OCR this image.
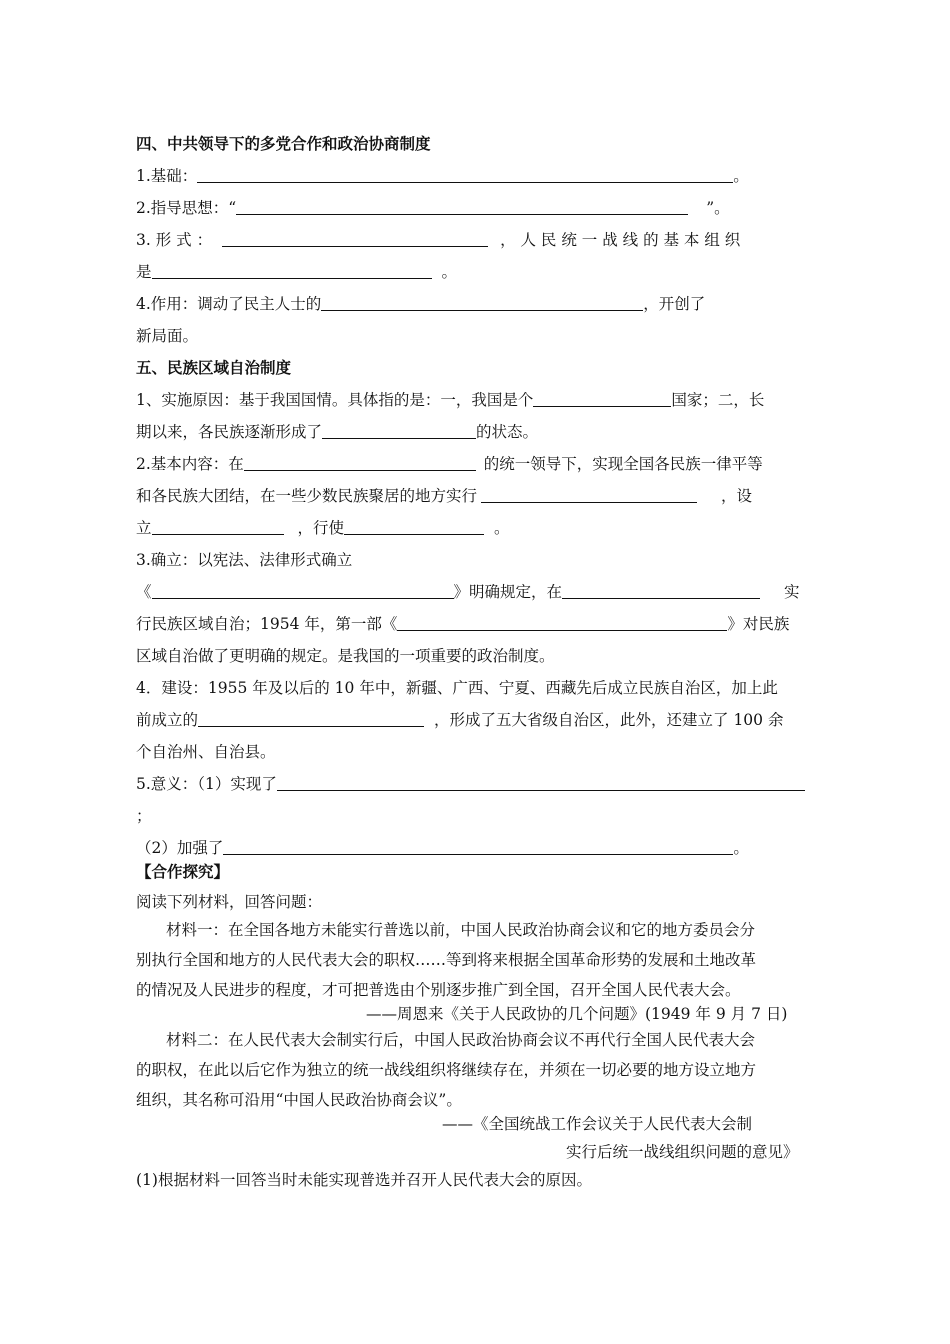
四、中共领导下的多党合作和政治协商制度
1.基础：	。
2.指导思想：“	”。
3. 形 式 ：	， 人 民 统 一 战 线 的 基 本 组 织
是	。
4.作用：调动了民主人士的	，开创了
新局面。
五、民族区域自治制度
1、实施原因：基于我国国情。具体指的是：一，我国是个	国家；二，长
期以来，各民族逐渐形成了	的状态。
2.基本内容：在	的统一领导下，实现全国各民族一律平等
和各民族大团结，在一些少数民族聚居的地方实行	，设
立	，行使	。
3.确立：以宪法、法律形式确立
《	》明确规定，在	实
行民族区域自治；1954 年，第一部《	》对民族
区域自治做了更明确的规定。是我国的一项重要的政治制度。
4．建设：1955 年及以后的 10 年中，新疆、广西、宁夏、西藏先后成立民族自治区，加上此
前成立的	，形成了五大省级自治区，此外，还建立了 100 余
个自治州、自治县。
5.意义：（1）实现了
；
（2）加强了	。
【合作探究】
阅读下列材料，回答问题：
材料一：在全国各地方未能实行普选以前，中国人民政治协商会议和它的地方委员会分
别执行全国和地方的人民代表大会的职权……等到将来根据全国革命形势的发展和土地改革
的情况及人民进步的程度，才可把普选由个别逐步推广到全国，召开全国人民代表大会。
——周恩来《关于人民政协的几个问题》(1949 年 9 月 7 日)
材料二：在人民代表大会制实行后，中国人民政治协商会议不再代行全国人民代表大会
的职权，在此以后它作为独立的统一战线组织将继续存在，并须在一切必要的地方设立地方
组织，其名称可沿用“中国人民政治协商会议”。
——《全国统战工作会议关于人民代表大会制
实行后统一战线组织问题的意见》
(1)根据材料一回答当时未能实现普选并召开人民代表大会的原因。
